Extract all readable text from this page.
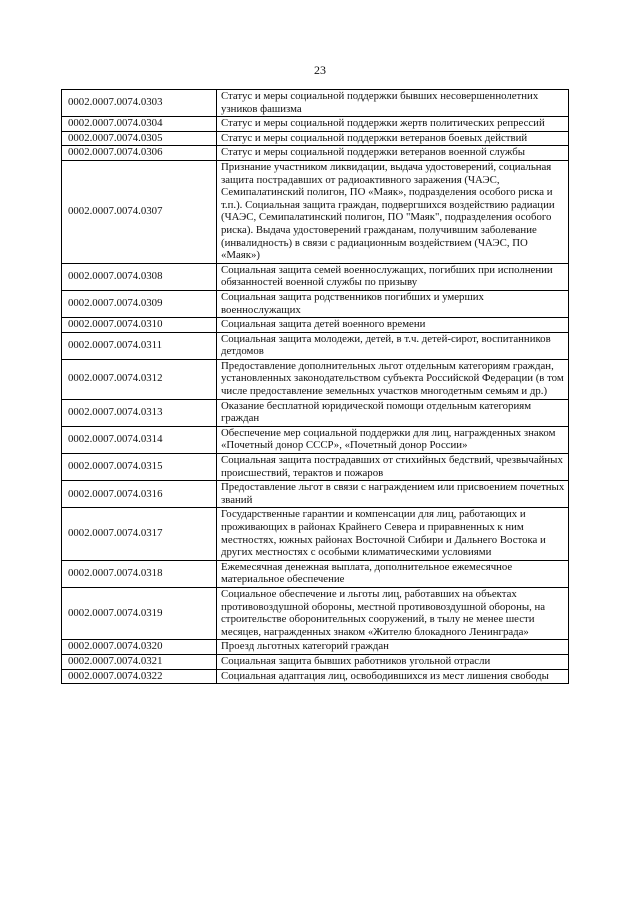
23
0002.0007.0074.0303	Статус и меры социальной поддержки бывших несовершеннолетних узников фашизма
0002.0007.0074.0304	Статус и меры социальной поддержки жертв политических репрессий
0002.0007.0074.0305	Статус и меры социальной поддержки ветеранов боевых действий
0002.0007.0074.0306	Статус и меры социальной поддержки ветеранов военной службы
0002.0007.0074.0307	Признание участником ликвидации, выдача удостоверений, социальная защита пострадавших от радиоактивного заражения (ЧАЭС, Семипалатинский полигон, ПО «Маяк», подразделения особого риска и т.п.). Социальная защита граждан, подвергшихся воздействию радиации (ЧАЭС, Семипалатинский полигон, ПО "Маяк", подразделения особого риска). Выдача удостоверений гражданам, получившим заболевание (инвалидность) в связи с радиационным воздействием (ЧАЭС, ПО «Маяк»)
0002.0007.0074.0308	Социальная защита семей военнослужащих, погибших при исполнении обязанностей военной службы по призыву
0002.0007.0074.0309	Социальная защита родственников погибших и умерших военнослужащих
0002.0007.0074.0310	Социальная защита детей военного времени
0002.0007.0074.0311	Социальная защита молодежи, детей, в т.ч. детей-сирот, воспитанников детдомов
0002.0007.0074.0312	Предоставление дополнительных льгот отдельным категориям граждан, установленных законодательством субъекта Российской Федерации (в том числе предоставление земельных участков многодетным семьям и др.)
0002.0007.0074.0313	Оказание бесплатной юридической помощи отдельным категориям граждан
0002.0007.0074.0314	Обеспечение мер социальной поддержки для лиц, награжденных знаком «Почетный донор СССР», «Почетный донор России»
0002.0007.0074.0315	Социальная защита пострадавших от стихийных бедствий, чрезвычайных происшествий, терактов и пожаров
0002.0007.0074.0316	Предоставление льгот в связи с награждением или присвоением почетных званий
0002.0007.0074.0317	Государственные гарантии и компенсации для лиц, работающих и проживающих в районах Крайнего Севера и приравненных к ним местностях, южных районах Восточной Сибири и Дальнего Востока и других местностях с особыми климатическими условиями
0002.0007.0074.0318	Ежемесячная денежная выплата, дополнительное ежемесячное материальное обеспечение
0002.0007.0074.0319	Социальное обеспечение и льготы лиц, работавших на объектах противовоздушной обороны, местной противовоздушной обороны, на строительстве оборонительных сооружений, в тылу не менее шести месяцев, награжденных знаком «Жителю блокадного Ленинграда»
0002.0007.0074.0320	Проезд льготных категорий граждан
0002.0007.0074.0321	Социальная защита бывших работников угольной отрасли
0002.0007.0074.0322	Социальная адаптация лиц, освободившихся из мест лишения свободы
